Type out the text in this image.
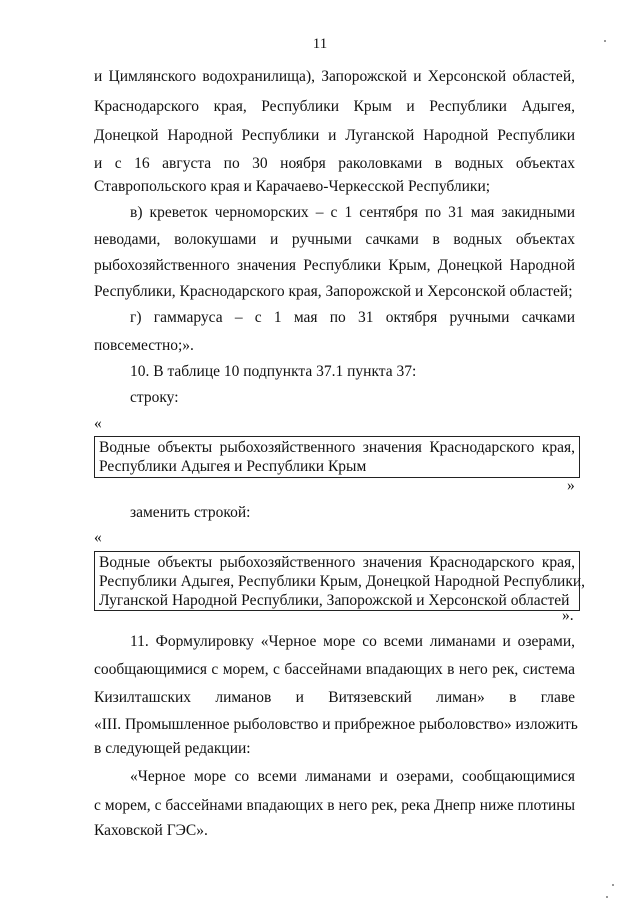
11
и Цимлянского водохранилища), Запорожской и Херсонской областей,
Краснодарского края, Республики Крым и Республики Адыгея,
Донецкой Народной Республики и Луганской Народной Республики
и с 16 августа по 30 ноября раколовками в водных объектах
Ставропольского края и Карачаево-Черкесской Республики;
в) креветок черноморских – с 1 сентября по 31 мая закидными
неводами, волокушами и ручными сачками в водных объектах
рыбохозяйственного значения Республики Крым, Донецкой Народной
Республики, Краснодарского края, Запорожской и Херсонской областей;
г) гаммаруса – с 1 мая по 31 октября ручными сачками
повсеместно;».
10. В таблице 10 подпункта 37.1 пункта 37:
строку:
«
Водные объекты рыбохозяйственного значения Краснодарского края,
Республики Адыгея и Республики Крым
»
заменить строкой:
«
Водные объекты рыбохозяйственного значения Краснодарского края,
Республики Адыгея, Республики Крым, Донецкой Народной Республики,
Луганской Народной Республики, Запорожской и Херсонской областей
».
11. Формулировку «Черное море со всеми лиманами и озерами,
сообщающимися с морем, с бассейнами впадающих в него рек, система
Кизилташских лиманов и Витязевский лиман» в главе
«III. Промышленное рыболовство и прибрежное рыболовство» изложить
в следующей редакции:
«Черное море со всеми лиманами и озерами, сообщающимися
с морем, с бассейнами впадающих в него рек, река Днепр ниже плотины
Каховской ГЭС».
